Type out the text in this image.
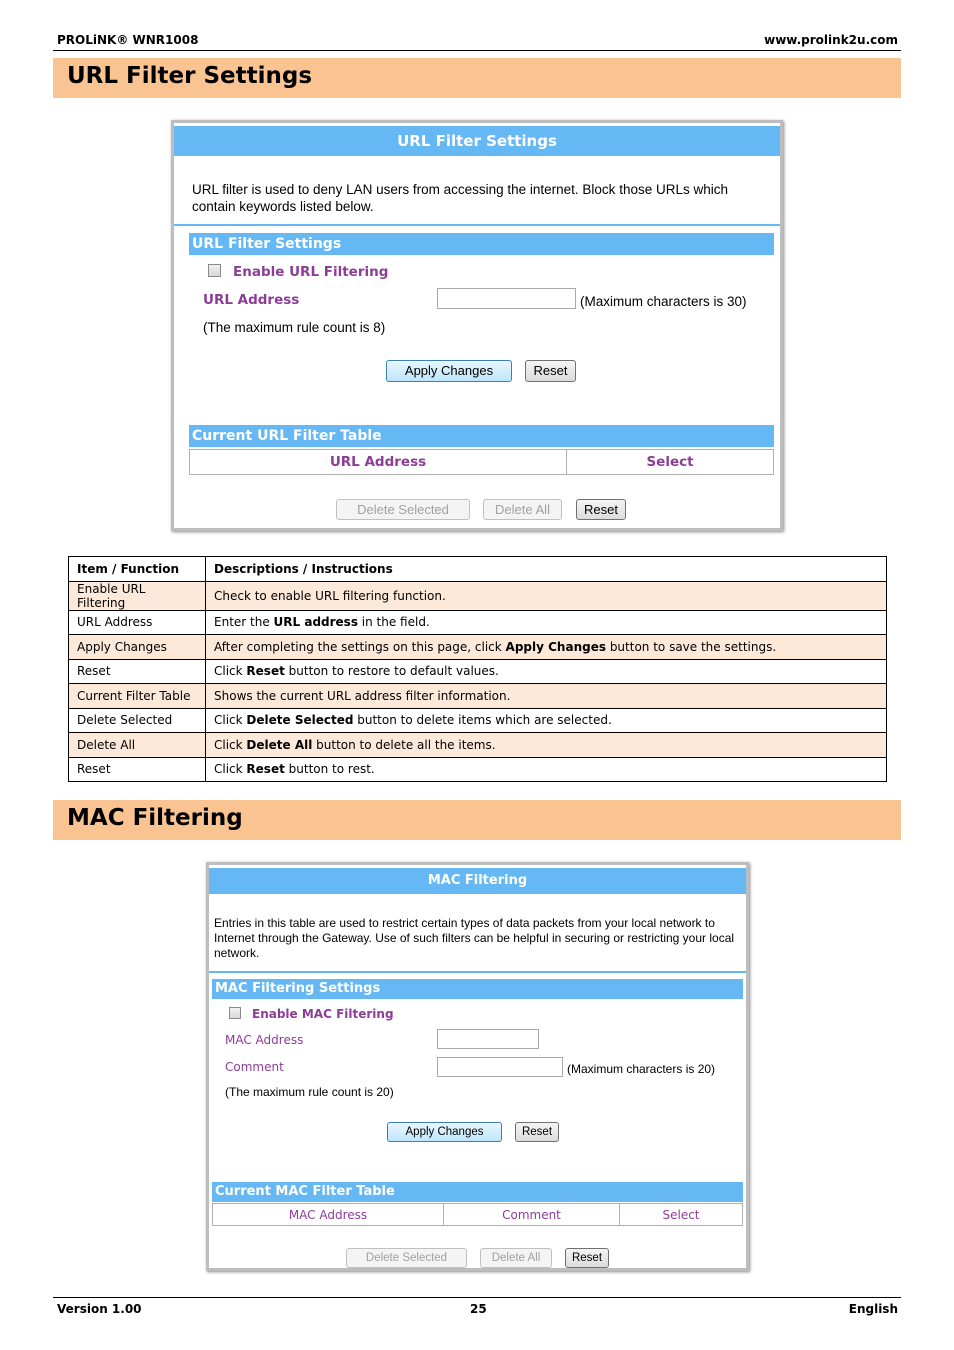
PROLiNK® WNR1008	www.prolink2u.com
URL Filter Settings
URL Filter Settings
URL filter is used to deny LAN users from accessing the internet. Block those URLs which contain keywords listed below.
URL Filter Settings
Enable URL Filtering
URL Address	(Maximum characters is 30)
(The maximum rule count is 8)
Apply Changes	Reset
Current URL Filter Table
URL Address	Select
Delete Selected	Delete All	Reset
Item / Function	Descriptions / Instructions
Enable URL Filtering	Check to enable URL filtering function.
URL Address	Enter the URL address in the field.
Apply Changes	After completing the settings on this page, click Apply Changes button to save the settings.
Reset	Click Reset button to restore to default values.
Current Filter Table	Shows the current URL address filter information.
Delete Selected	Click Delete Selected button to delete items which are selected.
Delete All	Click Delete All button to delete all the items.
Reset	Click Reset button to rest.
MAC Filtering
MAC Filtering
Entries in this table are used to restrict certain types of data packets from your local network to Internet through the Gateway. Use of such filters can be helpful in securing or restricting your local network.
MAC Filtering Settings
Enable MAC Filtering
MAC Address
Comment	(Maximum characters is 20)
(The maximum rule count is 20)
Apply Changes	Reset
Current MAC Filter Table
MAC Address	Comment	Select
Delete Selected	Delete All	Reset
Version 1.00	25	English
